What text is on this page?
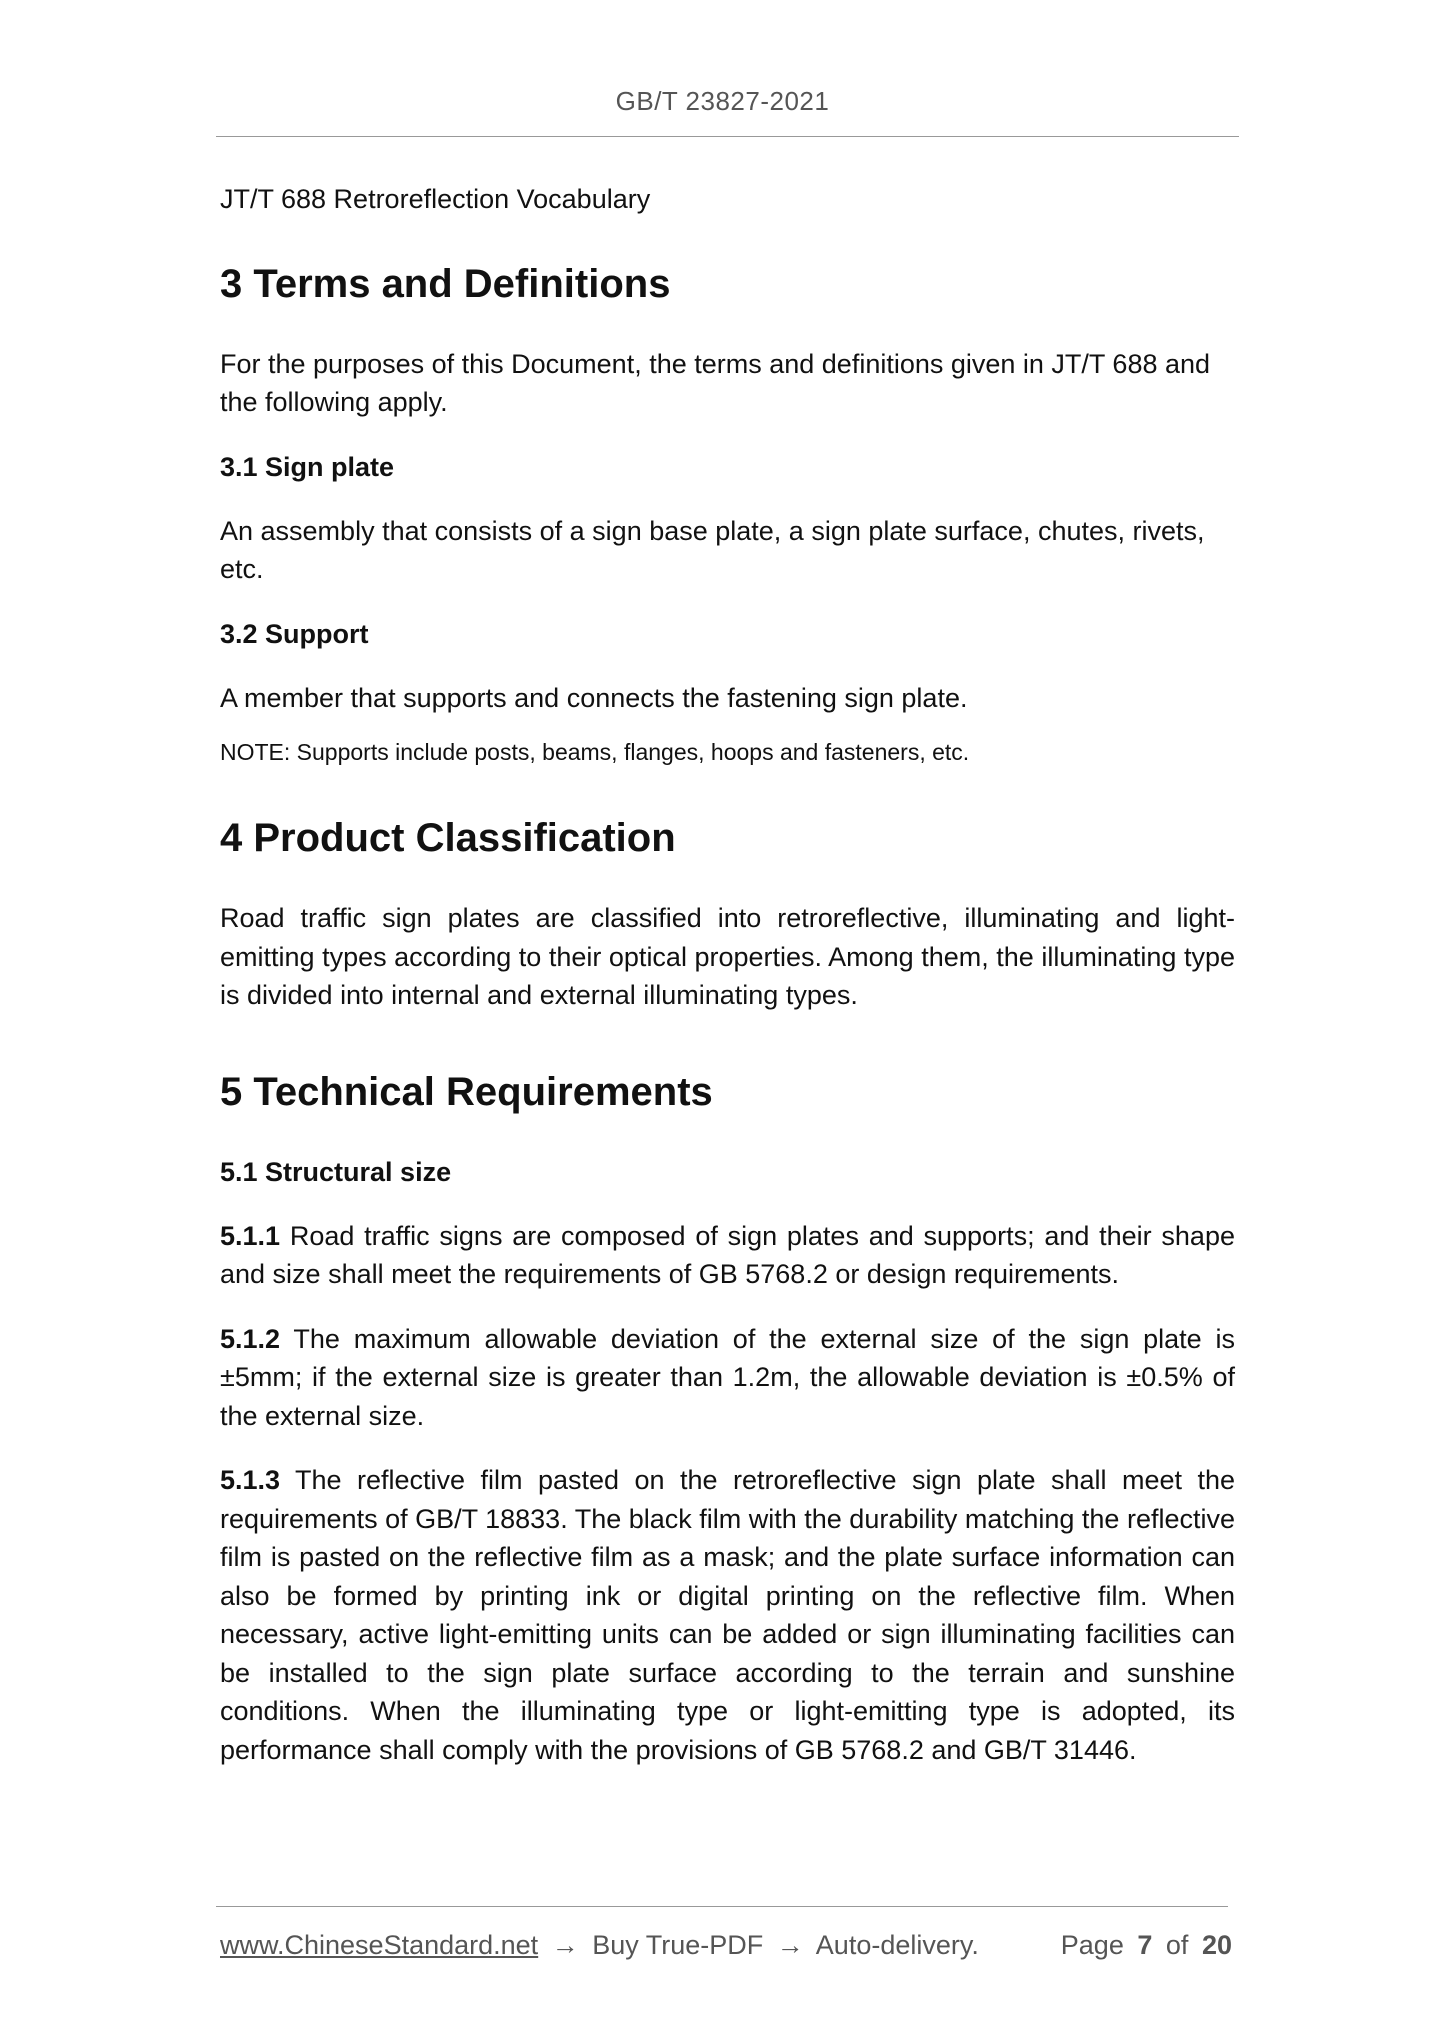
GB/T 23827-2021

JT/T 688 Retroreflection Vocabulary

3 Terms and Definitions

For the purposes of this Document, the terms and definitions given in JT/T 688 and the following apply.

3.1 Sign plate

An assembly that consists of a sign base plate, a sign plate surface, chutes, rivets, etc.

3.2 Support

A member that supports and connects the fastening sign plate.

NOTE: Supports include posts, beams, flanges, hoops and fasteners, etc.

4 Product Classification

Road traffic sign plates are classified into retroreflective, illuminating and light-emitting types according to their optical properties. Among them, the illuminating type is divided into internal and external illuminating types.

5 Technical Requirements
5.1 Structural size

5.1.1 Road traffic signs are composed of sign plates and supports; and their shape and size shall meet the requirements of GB 5768.2 or design requirements.

5.1.2 The maximum allowable deviation of the external size of the sign plate is ±5mm; if the external size is greater than 1.2m, the allowable deviation is ±0.5% of the external size.

5.1.3 The reflective film pasted on the retroreflective sign plate shall meet the requirements of GB/T 18833. The black film with the durability matching the reflective film is pasted on the reflective film as a mask; and the plate surface information can also be formed by printing ink or digital printing on the reflective film. When necessary, active light-emitting units can be added or sign illuminating facilities can be installed to the sign plate surface according to the terrain and sunshine conditions. When the illuminating type or light-emitting type is adopted, its performance shall comply with the provisions of GB 5768.2 and GB/T 31446.

www.ChineseStandard.net → Buy True-PDF → Auto-delivery.	Page 7 of 20
